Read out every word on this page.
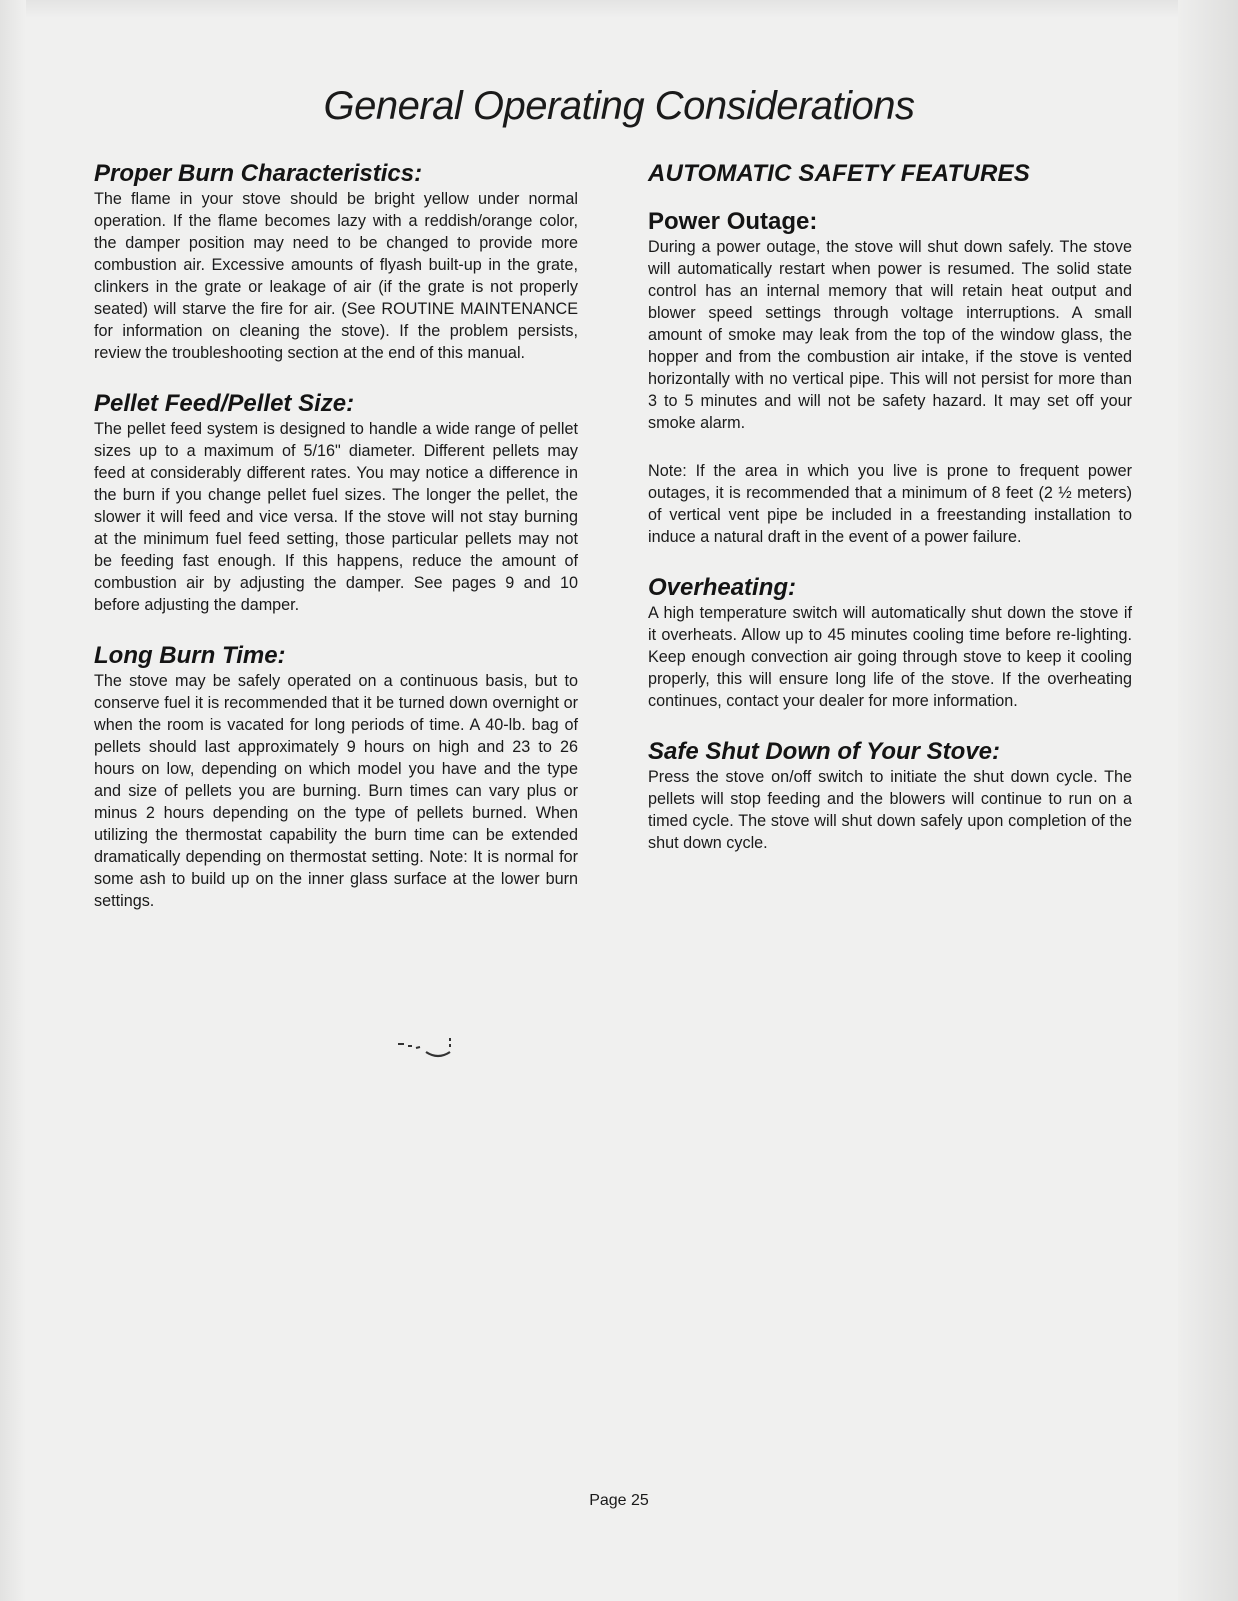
General Operating Considerations
Proper Burn Characteristics:

The flame in your stove should be bright yellow under normal operation. If the flame becomes lazy with a reddish/orange color, the damper position may need to be changed to provide more combustion air. Excessive amounts of flyash built-up in the grate, clinkers in the grate or leakage of air (if the grate is not properly seated) will starve the fire for air. (See ROUTINE MAINTENANCE for information on cleaning the stove). If the problem persists, review the troubleshooting section at the end of this manual.

Pellet Feed/Pellet Size:

The pellet feed system is designed to handle a wide range of pellet sizes up to a maximum of 5/16" diameter. Different pellets may feed at considerably different rates. You may notice a difference in the burn if you change pellet fuel sizes. The longer the pellet, the slower it will feed and vice versa. If the stove will not stay burning at the minimum fuel feed setting, those particular pellets may not be feeding fast enough. If this happens, reduce the amount of combustion air by adjusting the damper. See pages 9 and 10 before adjusting the damper.

Long Burn Time:

The stove may be safely operated on a continuous basis, but to conserve fuel it is recommended that it be turned down overnight or when the room is vacated for long periods of time. A 40-lb. bag of pellets should last approximately 9 hours on high and 23 to 26 hours on low, depending on which model you have and the type and size of pellets you are burning. Burn times can vary plus or minus 2 hours depending on the type of pellets burned. When utilizing the thermostat capability the burn time can be extended dramatically depending on thermostat setting. Note: It is normal for some ash to build up on the inner glass surface at the lower burn settings.

AUTOMATIC SAFETY FEATURES
Power Outage:

During a power outage, the stove will shut down safely. The stove will automatically restart when power is resumed. The solid state control has an internal memory that will retain heat output and blower speed settings through voltage interruptions. A small amount of smoke may leak from the top of the window glass, the hopper and from the combustion air intake, if the stove is vented horizontally with no vertical pipe. This will not persist for more than 3 to 5 minutes and will not be safety hazard. It may set off your smoke alarm.

Note: If the area in which you live is prone to frequent power outages, it is recommended that a minimum of 8 feet (2 ½ meters) of vertical vent pipe be included in a freestanding installation to induce a natural draft in the event of a power failure.

Overheating:

A high temperature switch will automatically shut down the stove if it overheats. Allow up to 45 minutes cooling time before re-lighting. Keep enough convection air going through stove to keep it cooling properly, this will ensure long life of the stove. If the overheating continues, contact your dealer for more information.

Safe Shut Down of Your Stove:

Press the stove on/off switch to initiate the shut down cycle. The pellets will stop feeding and the blowers will continue to run on a timed cycle. The stove will shut down safely upon completion of the shut down cycle.

Page 25
